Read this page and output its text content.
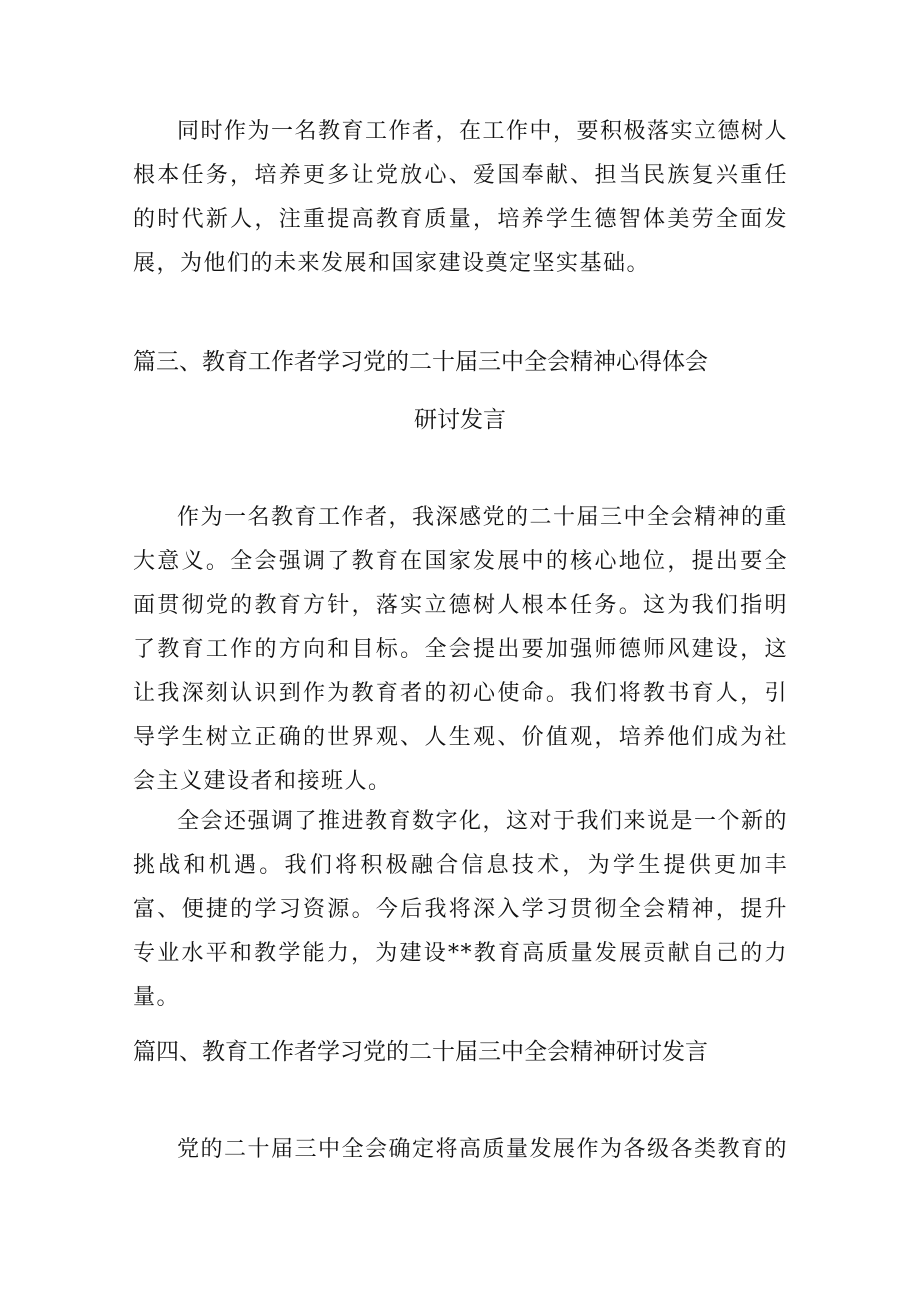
同时作为一名教育工作者，在工作中，要积极落实立德树人根本任务，培养更多让党放心、爱国奉献、担当民族复兴重任的时代新人，注重提高教育质量，培养学生德智体美劳全面发展，为他们的未来发展和国家建设奠定坚实基础。

篇三、教育工作者学习党的二十届三中全会精神心得体会
研讨发言

作为一名教育工作者，我深感党的二十届三中全会精神的重大意义。全会强调了教育在国家发展中的核心地位，提出要全面贯彻党的教育方针，落实立德树人根本任务。这为我们指明了教育工作的方向和目标。全会提出要加强师德师风建设，这让我深刻认识到作为教育者的初心使命。我们将教书育人，引导学生树立正确的世界观、人生观、价值观，培养他们成为社会主义建设者和接班人。

全会还强调了推进教育数字化，这对于我们来说是一个新的挑战和机遇。我们将积极融合信息技术，为学生提供更加丰富、便捷的学习资源。今后我将深入学习贯彻全会精神，提升专业水平和教学能力，为建设**教育高质量发展贡献自己的力量。

篇四、教育工作者学习党的二十届三中全会精神研讨发言

党的二十届三中全会确定将高质量发展作为各级各类教育的
